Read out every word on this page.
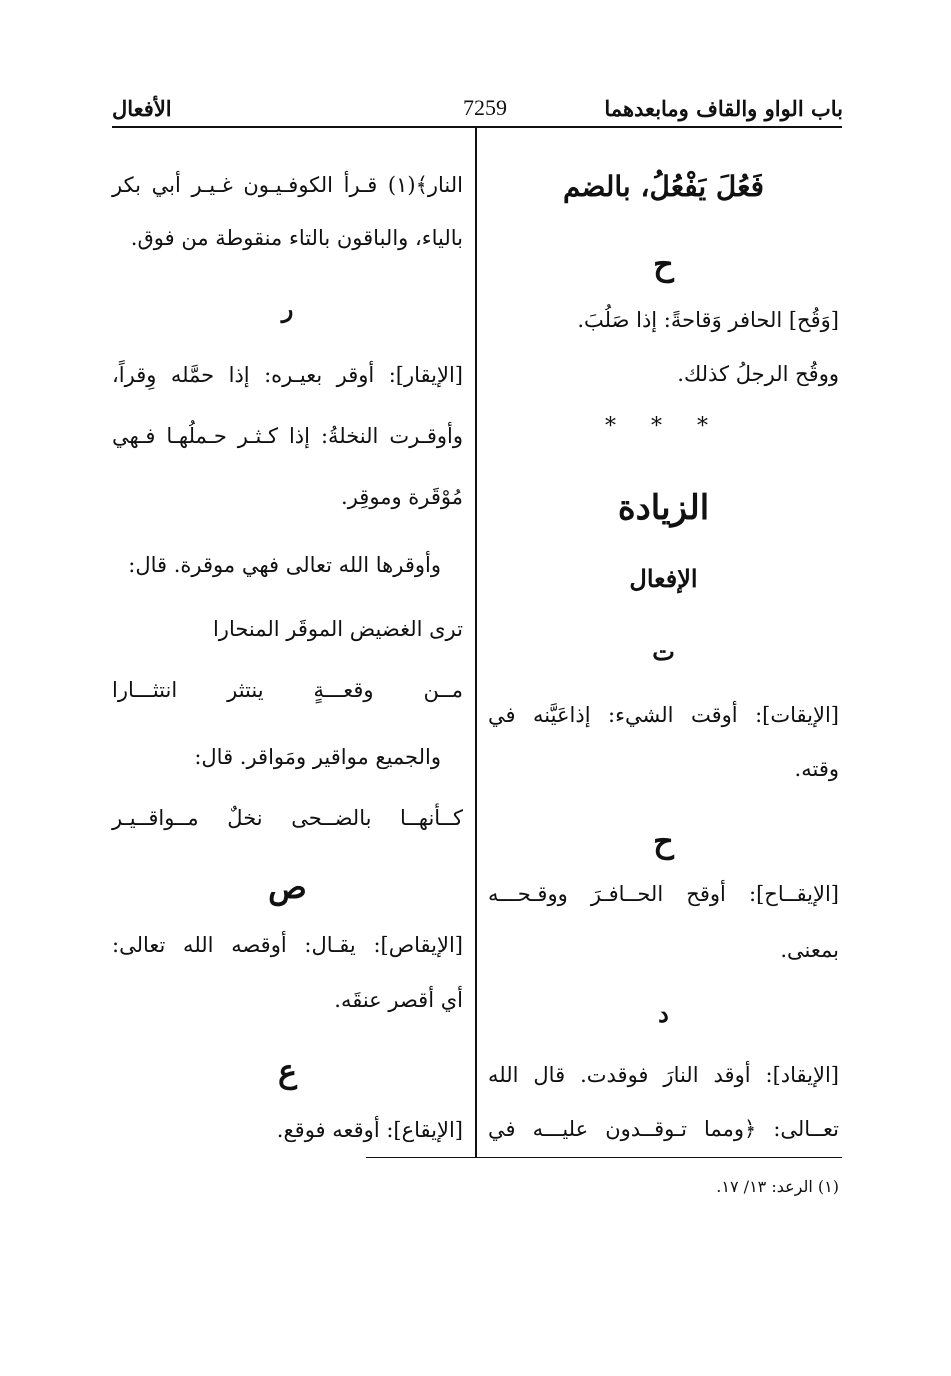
باب الواو والقاف ومابعدهما
7259
الأفعال
فَعُلَ يَفْعُلُ، بالضم
ح
[وَقُح] الحافر وَقاحةً: إذا صَلُبَ.
ووقُح الرجلُ كذلك.
* * *
الزيادة
الإفعال
ت
[الإيقات]: أوقت الشيء: إذاعَيَّنه في
وقته.
ح
[الإيقــاح]: أوقح الحــافـرَ ووقـحـــه
بمعنى.
د
[الإيقاد]: أوقد النارَ فوقدت. قال الله
تعــالى: ﴿ومما تـوقــدون عليـــه في
النار﴾(١) قـرأ الكوفـيـون غـيـر أبي بكر
بالياء، والباقون بالتاء منقوطة من فوق.
ر
[الإيقار]: أوقر بعيـره: إذا حمَّله وِقراً،
وأوقـرت النخلةُ: إذا كـثـر حـملُهـا فـهي
مُوْقَرة وموقِر.
وأوقرها الله تعالى فهي موقرة. قال:
ترى الغضيض الموقَر المنحارا
مــن وقعـــةٍ ينتثر انتثـــارا
والجميع مواقير ومَواقر. قال:
كــأنهــا بالضــحى نخلٌ مــواقــيـر
ص
[الإيقاص]: يقـال: أوقصه الله تعالى:
أي أقصر عنقَه.
ع
[الإيقاع]: أوقعه فوقع.
(١) الرعد: ١٣/ ١٧.
